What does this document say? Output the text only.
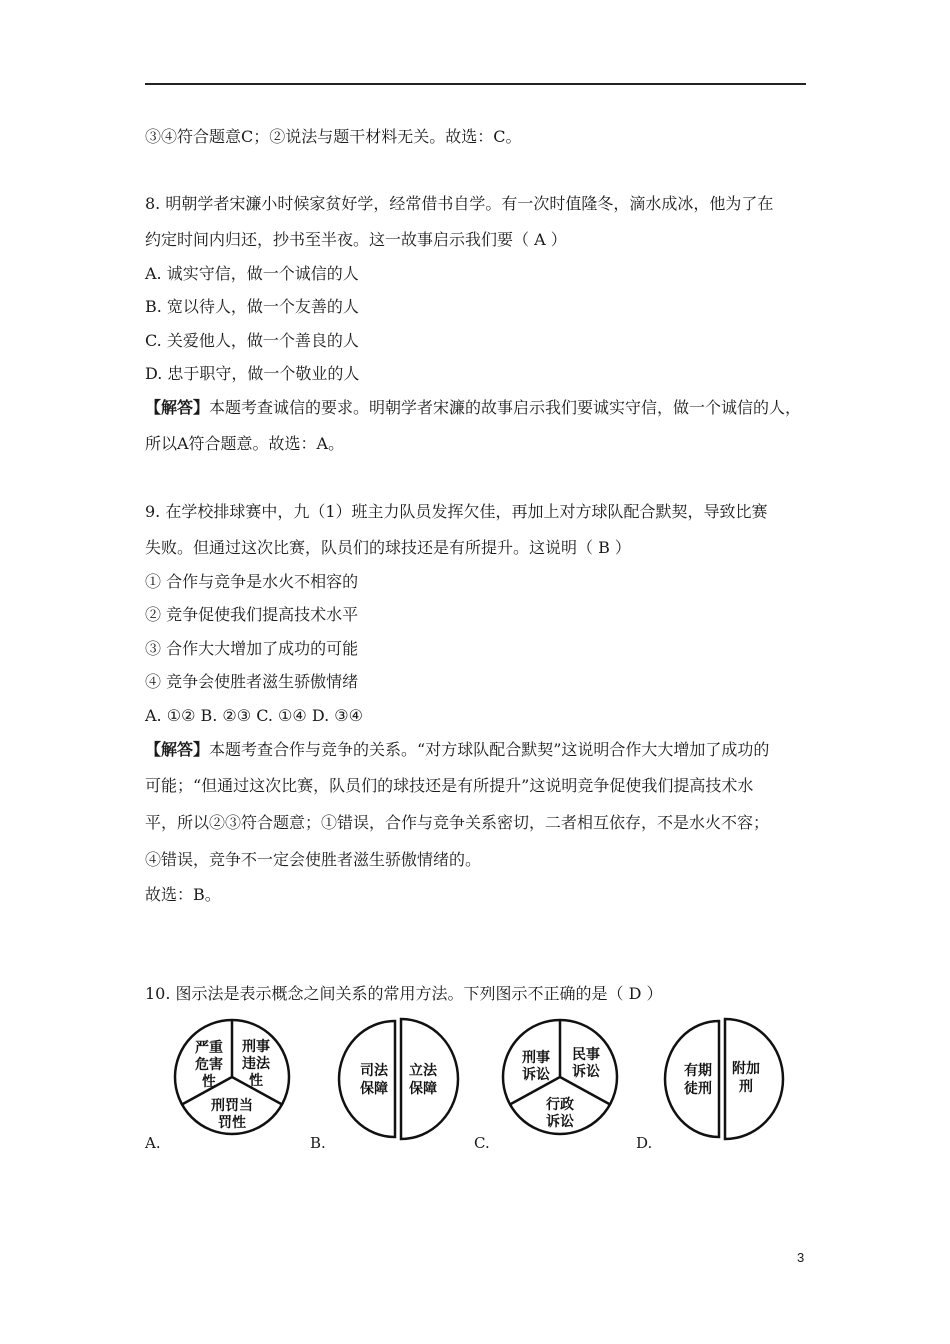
③④符合题意C；②说法与题干材料无关。故选：C。
8. 明朝学者宋濂小时候家贫好学，经常借书自学。有一次时值隆冬，滴水成冰，他为了在
约定时间内归还，抄书至半夜。这一故事启示我们要（ A ）
A. 诚实守信，做一个诚信的人
B. 宽以待人，做一个友善的人
C. 关爱他人，做一个善良的人
D. 忠于职守，做一个敬业的人
【解答】本题考查诚信的要求。明朝学者宋濂的故事启示我们要诚实守信，做一个诚信的人，
所以A符合题意。故选：A。
9. 在学校排球赛中，九（1）班主力队员发挥欠佳，再加上对方球队配合默契，导致比赛
失败。但通过这次比赛，队员们的球技还是有所提升。这说明（ B ）
① 合作与竞争是水火不相容的
② 竞争促使我们提高技术水平
③ 合作大大增加了成功的可能
④ 竞争会使胜者滋生骄傲情绪
A. ①② B. ②③ C. ①④ D. ③④
【解答】本题考查合作与竞争的关系。“对方球队配合默契”这说明合作大大增加了成功的
可能；“但通过这次比赛，队员们的球技还是有所提升”这说明竞争促使我们提高技术水
平，所以②③符合题意；①错误，合作与竞争关系密切，二者相互依存，不是水火不容；
④错误，竞争不一定会使胜者滋生骄傲情绪的。
故选：B。
10. 图示法是表示概念之间关系的常用方法。下列图示不正确的是（ D ）
严重
危害
性
刑事
违法
性
刑罚当
罚性
司法
保障
立法
保障
刑事
诉讼
民事
诉讼
行政
诉讼
有期
徒刑
附加
刑
A.	B.	C.	D.
3
